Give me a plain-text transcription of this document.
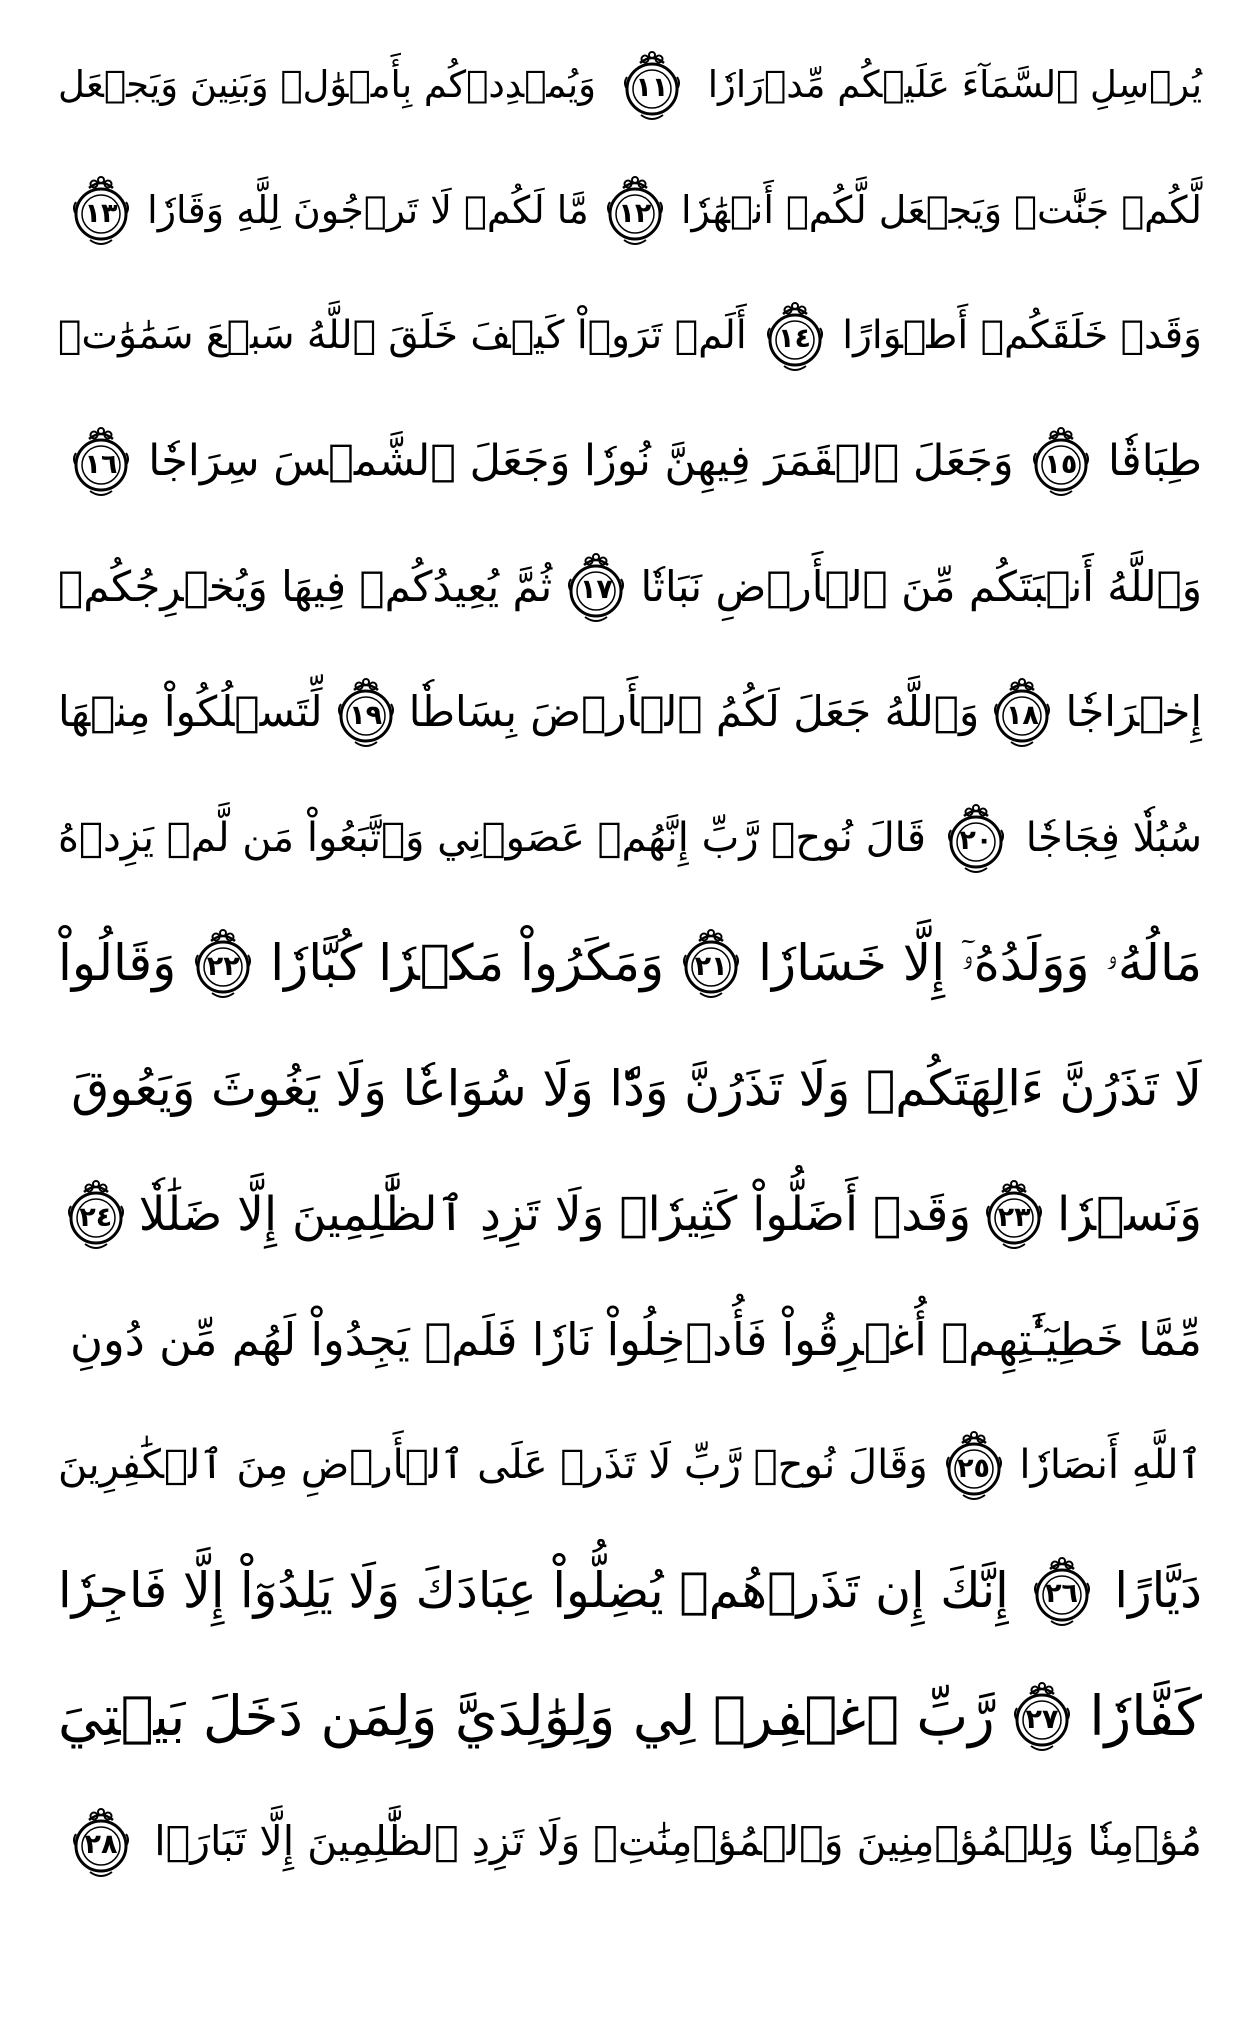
يُرۡسِلِ ٱلسَّمَآءَ عَلَيۡكُم مِّدۡرَارٗا
١١
وَيُمۡدِدۡكُم بِأَمۡوَٰلٖ وَبَنِينَ وَيَجۡعَل
لَّكُمۡ جَنَّٰتٖ وَيَجۡعَل لَّكُمۡ أَنۡهَٰرٗا
١٢
مَّا لَكُمۡ لَا تَرۡجُونَ لِلَّهِ وَقَارٗا
١٣
وَقَدۡ خَلَقَكُمۡ أَطۡوَارًا
١٤
أَلَمۡ تَرَوۡاْ كَيۡفَ خَلَقَ ٱللَّهُ سَبۡعَ سَمَٰوَٰتٖ
طِبَاقٗا
١٥
وَجَعَلَ ٱلۡقَمَرَ فِيهِنَّ نُورٗا وَجَعَلَ ٱلشَّمۡسَ سِرَاجٗا
١٦
وَٱللَّهُ أَنۢبَتَكُم مِّنَ ٱلۡأَرۡضِ نَبَاتٗا
١٧
ثُمَّ يُعِيدُكُمۡ فِيهَا وَيُخۡرِجُكُمۡ
إِخۡرَاجٗا
١٨
وَٱللَّهُ جَعَلَ لَكُمُ ٱلۡأَرۡضَ بِسَاطٗا
١٩
لِّتَسۡلُكُواْ مِنۡهَا
سُبُلٗا فِجَاجٗا
٢٠
قَالَ نُوحٞ رَّبِّ إِنَّهُمۡ عَصَوۡنِي وَٱتَّبَعُواْ مَن لَّمۡ يَزِدۡهُ
مَالُهُۥ وَوَلَدُهُۥٓ إِلَّا خَسَارٗا
٢١
وَمَكَرُواْ مَكۡرٗا كُبَّارٗا
٢٢
وَقَالُواْ
لَا تَذَرُنَّ ءَالِهَتَكُمۡ وَلَا تَذَرُنَّ وَدّٗا وَلَا سُوَاعٗا وَلَا يَغُوثَ وَيَعُوقَ
وَنَسۡرٗا
٢٣
وَقَدۡ أَضَلُّواْ كَثِيرٗاۖ وَلَا تَزِدِ ٱلظَّٰلِمِينَ إِلَّا ضَلَٰلٗا
٢٤
مِّمَّا خَطِيٓـَٰٔتِهِمۡ أُغۡرِقُواْ فَأُدۡخِلُواْ نَارٗا فَلَمۡ يَجِدُواْ لَهُم مِّن دُونِ
ٱللَّهِ أَنصَارٗا
٢٥
وَقَالَ نُوحٞ رَّبِّ لَا تَذَرۡ عَلَى ٱلۡأَرۡضِ مِنَ ٱلۡكَٰفِرِينَ
دَيَّارًا
٢٦
إِنَّكَ إِن تَذَرۡهُمۡ يُضِلُّواْ عِبَادَكَ وَلَا يَلِدُوٓاْ إِلَّا فَاجِرٗا
كَفَّارٗا
٢٧
رَّبِّ ٱغۡفِرۡ لِي وَلِوَٰلِدَيَّ وَلِمَن دَخَلَ بَيۡتِيَ
مُؤۡمِنٗا وَلِلۡمُؤۡمِنِينَ وَٱلۡمُؤۡمِنَٰتِۖ وَلَا تَزِدِ ٱلظَّٰلِمِينَ إِلَّا تَبَارَۢا
٢٨
